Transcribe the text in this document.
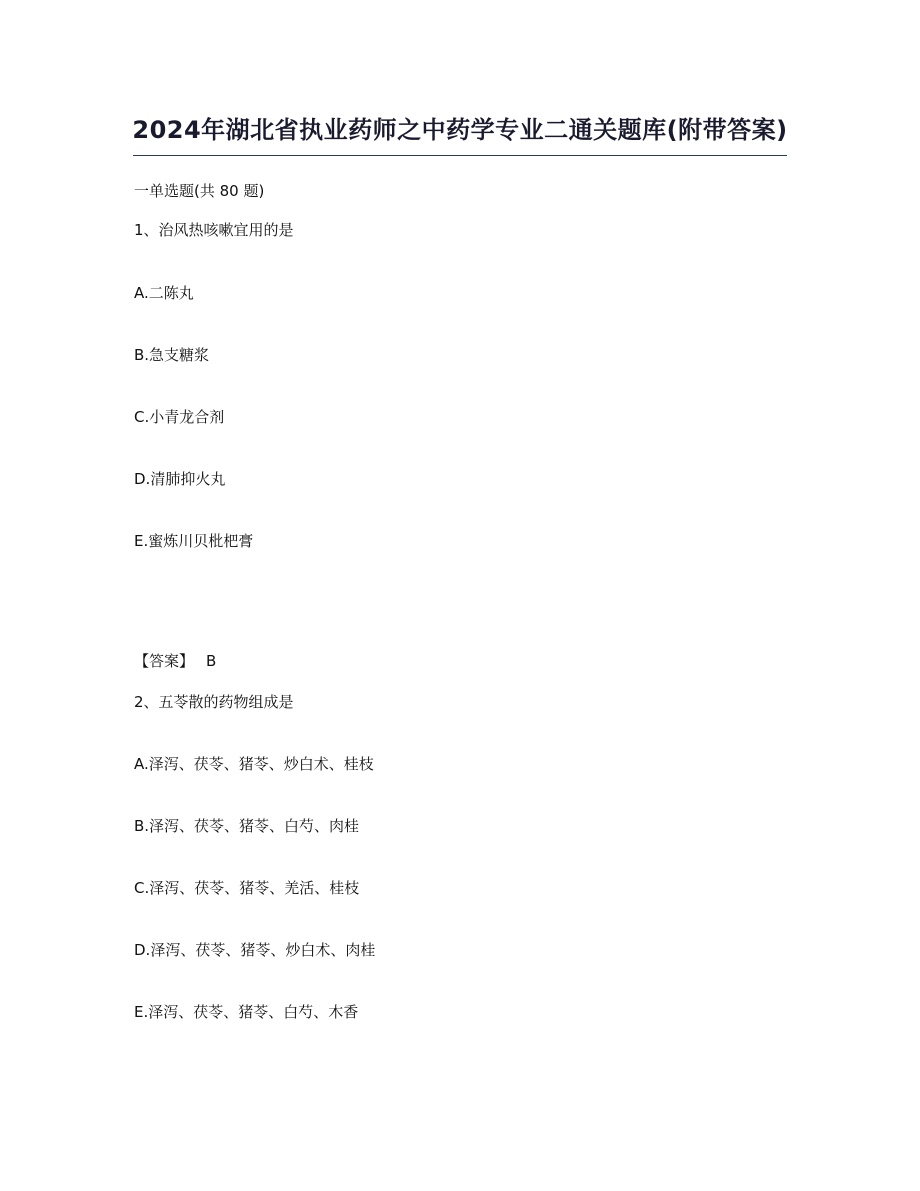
2024年湖北省执业药师之中药学专业二通关题库(附带答案)
一单选题(共 80 题)
1、治风热咳嗽宜用的是
A.二陈丸
B.急支糖浆
C.小青龙合剂
D.清肺抑火丸
E.蜜炼川贝枇杷膏
【答案】 B
2、五苓散的药物组成是
A.泽泻、茯苓、猪苓、炒白术、桂枝
B.泽泻、茯苓、猪苓、白芍、肉桂
C.泽泻、茯苓、猪苓、羌活、桂枝
D.泽泻、茯苓、猪苓、炒白术、肉桂
E.泽泻、茯苓、猪苓、白芍、木香
